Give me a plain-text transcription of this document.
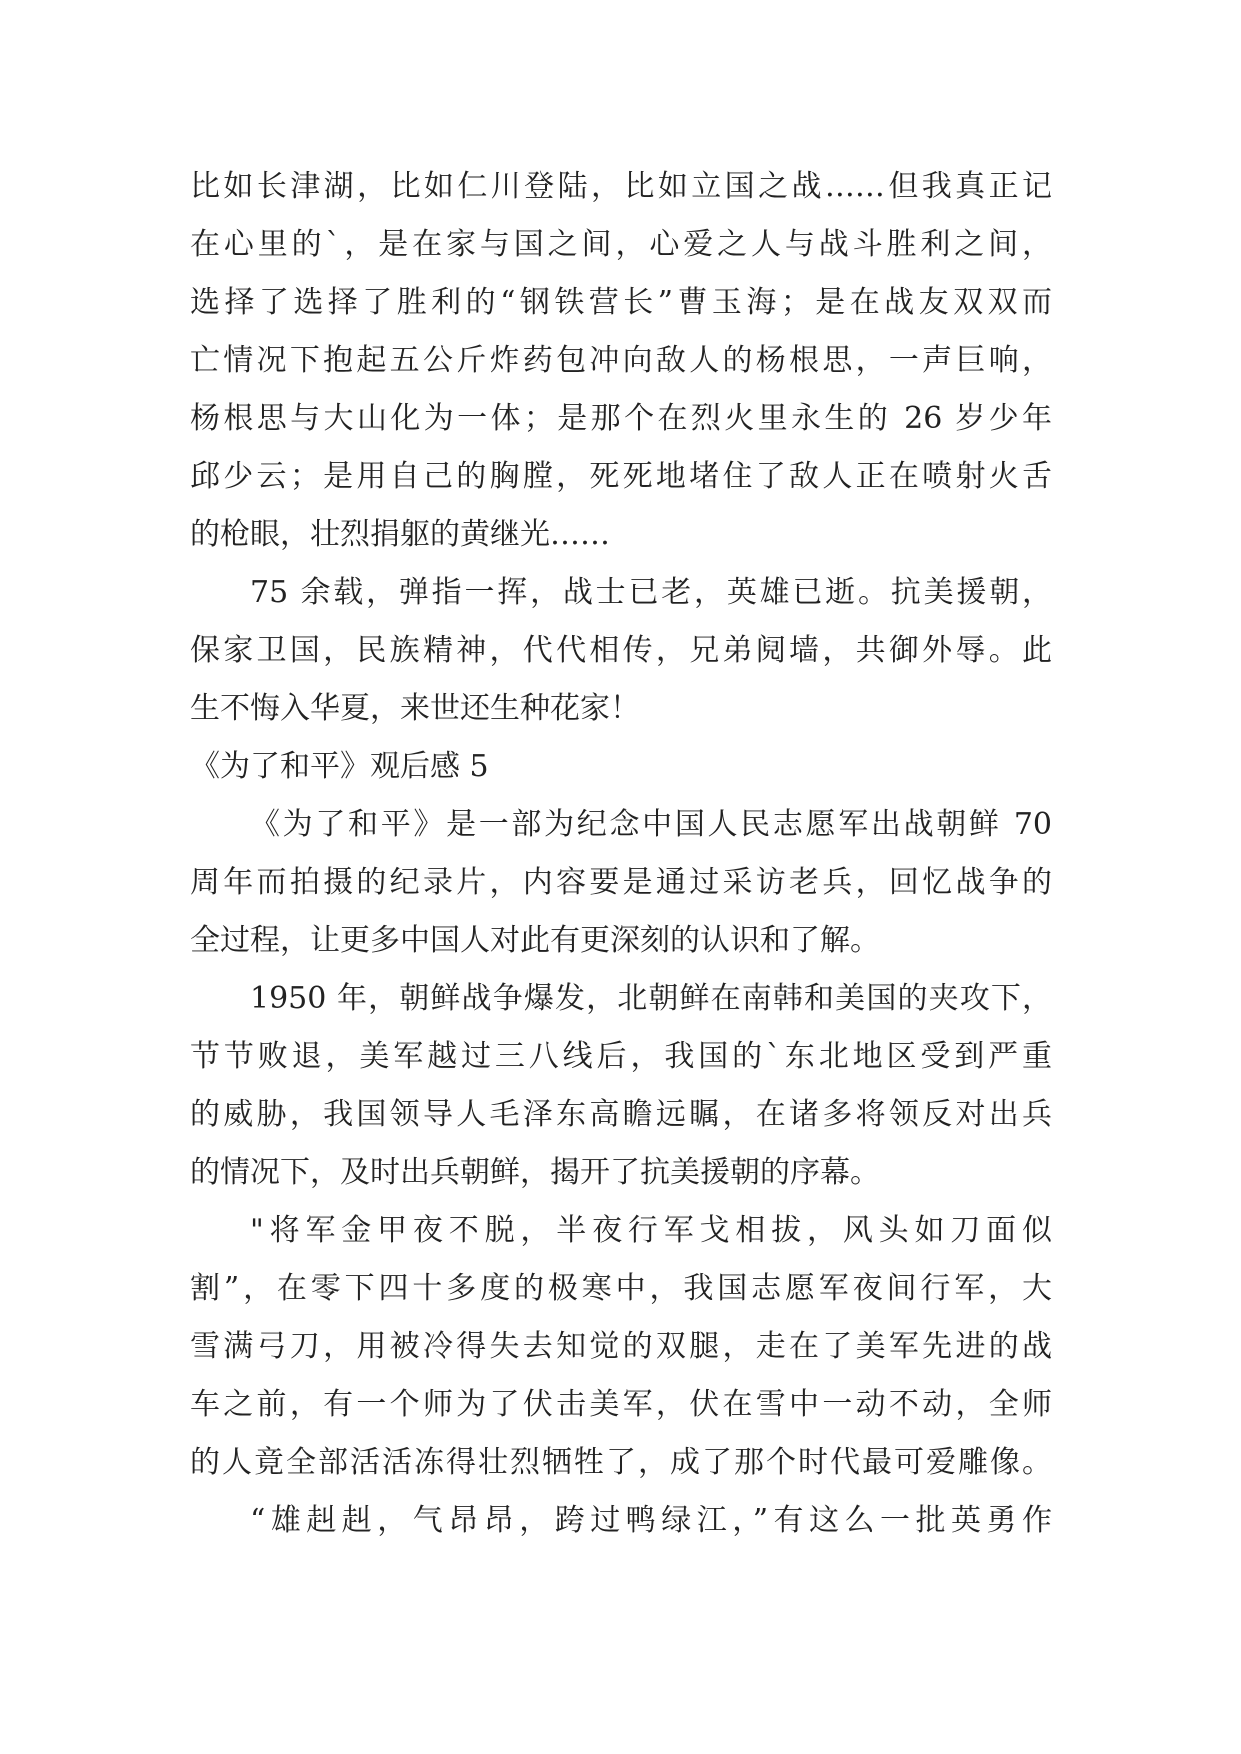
比如长津湖，比如仁川登陆，比如立国之战……但我真正记
在心里的`，是在家与国之间，心爱之人与战斗胜利之间，
选择了选择了胜利的“钢铁营长”曹玉海；是在战友双双而
亡情况下抱起五公斤炸药包冲向敌人的杨根思，一声巨响，
杨根思与大山化为一体；是那个在烈火里永生的 26 岁少年
邱少云；是用自己的胸膛，死死地堵住了敌人正在喷射火舌
的枪眼，壮烈捐躯的黄继光……
75 余载，弹指一挥，战士已老，英雄已逝。抗美援朝，
保家卫国，民族精神，代代相传，兄弟阋墙，共御外辱。此
生不悔入华夏，来世还生种花家！
《为了和平》观后感 5
《为了和平》是一部为纪念中国人民志愿军出战朝鲜 70
周年而拍摄的纪录片，内容要是通过采访老兵，回忆战争的
全过程，让更多中国人对此有更深刻的认识和了解。
1950 年，朝鲜战争爆发，北朝鲜在南韩和美国的夹攻下，
节节败退，美军越过三八线后，我国的`东北地区受到严重
的威胁，我国领导人毛泽东高瞻远瞩，在诸多将领反对出兵
的情况下，及时出兵朝鲜，揭开了抗美援朝的序幕。
"将军金甲夜不脱，半夜行军戈相拔，风头如刀面似
割”，在零下四十多度的极寒中，我国志愿军夜间行军，大
雪满弓刀，用被冷得失去知觉的双腿，走在了美军先进的战
车之前，有一个师为了伏击美军，伏在雪中一动不动，全师
的人竟全部活活冻得壮烈牺牲了，成了那个时代最可爱雕像。
“雄赳赳，气昂昂，跨过鸭绿江，”有这么一批英勇作
